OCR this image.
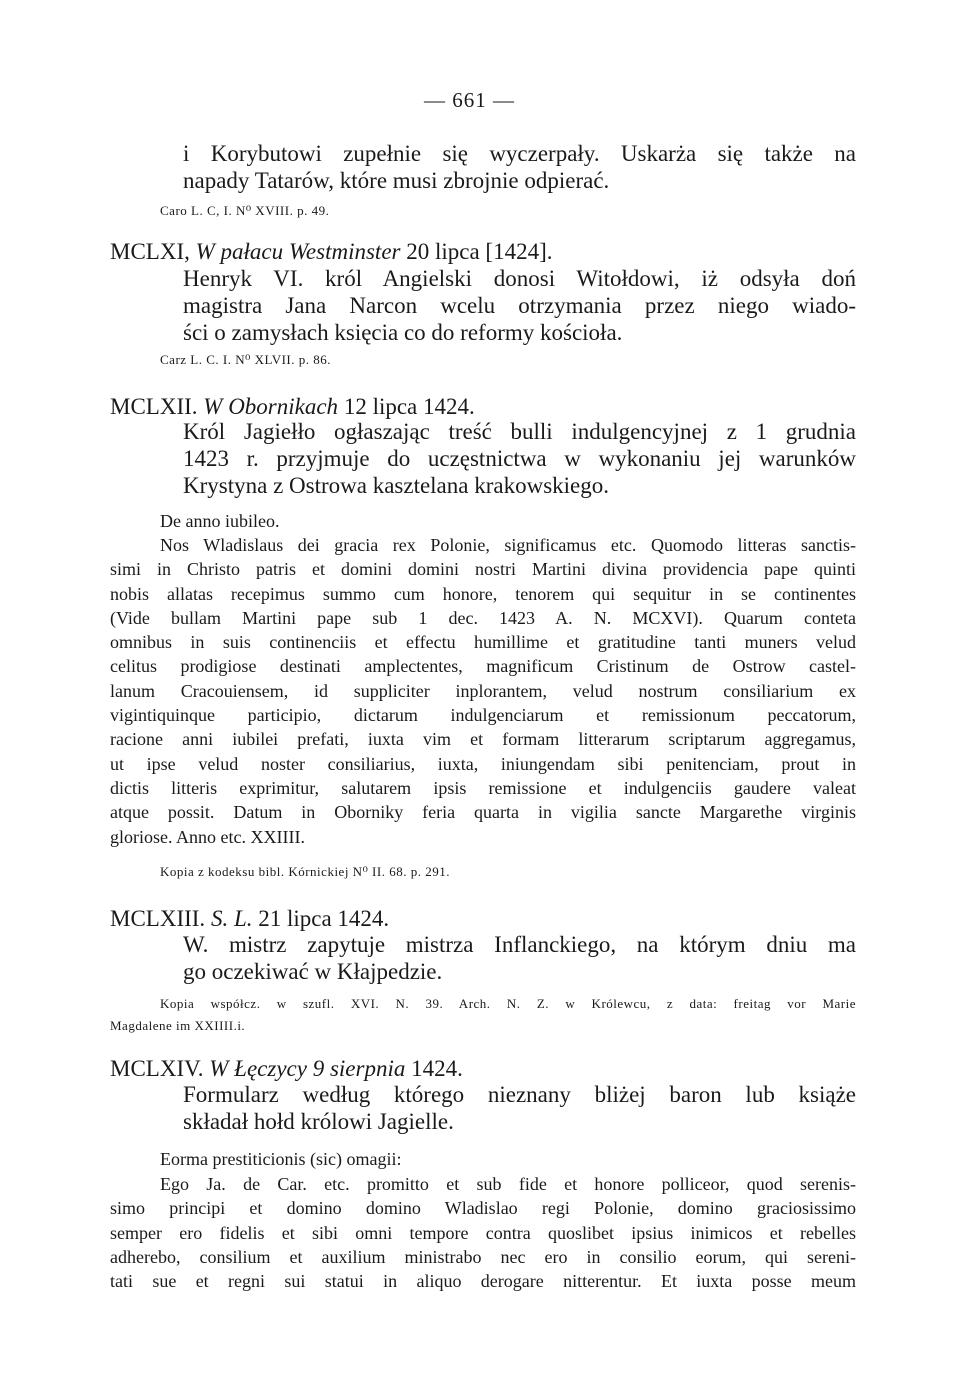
— 661 —
i Korybutowi zupełnie się wyczerpały. Uskarża się także na
napady Tatarów, które musi zbrojnie odpierać.
Caro L. C, I. N⁰ XVIII. p. 49.
MCLXI, W pałacu Westminster 20 lipca [1424].
Henryk VI. król Angielski donosi Witołdowi, iż odsyła doń
magistra Jana Narcon wcelu otrzymania przez niego wiado-
ści o zamysłach księcia co do reformy kościoła.
Carz L. C. I. N⁰ XLVII. p. 86.
MCLXII. W Obornikach 12 lipca 1424.
Król Jagiełło ogłaszając treść bulli indulgencyjnej z 1 grudnia
1423 r. przyjmuje do uczęstnictwa w wykonaniu jej warunków
Krystyna z Ostrowa kasztelana krakowskiego.
De anno iubileo.
Nos Wladislaus dei gracia rex Polonie, significamus etc. Quomodo litteras sanctis-
simi in Christo patris et domini domini nostri Martini divina providencia pape quinti
nobis allatas recepimus summo cum honore, tenorem qui sequitur in se continentes
(Vide bullam Martini pape sub 1 dec. 1423 A. N. MCXVI). Quarum conteta
omnibus in suis continenciis et effectu humillime et gratitudine tanti muners velud
celitus prodigiose destinati amplectentes, magnificum Cristinum de Ostrow castel-
lanum Cracouiensem, id suppliciter inplorantem, velud nostrum consiliarium ex
vigintiquinque participio, dictarum indulgenciarum et remissionum peccatorum,
racione anni iubilei prefati, iuxta vim et formam litterarum scriptarum aggregamus,
ut ipse velud noster consiliarius, iuxta, iniungendam sibi penitenciam, prout in
dictis litteris exprimitur, salutarem ipsis remissione et indulgenciis gaudere valeat
atque possit. Datum in Oborniky feria quarta in vigilia sancte Margarethe virginis
gloriose. Anno etc. XXIIII.
Kopia z kodeksu bibl. Kórnickiej N⁰ II. 68. p. 291.
MCLXIII. S. L. 21 lipca 1424.
W. mistrz zapytuje mistrza Inflanckiego, na którym dniu ma
go oczekiwać w Kłajpedzie.
Kopia współcz. w szufl. XVI. N. 39. Arch. N. Z. w Królewcu, z data: freitag vor Marie
Magdalene im XXIIII.i.
MCLXIV. W Łęczycy 9 sierpnia 1424.
Formularz według którego nieznany bliżej baron lub książe
składał hołd królowi Jagielle.
Eorma prestiticionis (sic) omagii:
Ego Ja. de Car. etc. promitto et sub fide et honore polliceor, quod serenis-
simo principi et domino domino Wladislao regi Polonie, domino graciosissimo
semper ero fidelis et sibi omni tempore contra quoslibet ipsius inimicos et rebelles
adherebo, consilium et auxilium ministrabo nec ero in consilio eorum, qui sereni-
tati sue et regni sui statui in aliquo derogare nitterentur. Et iuxta posse meum
